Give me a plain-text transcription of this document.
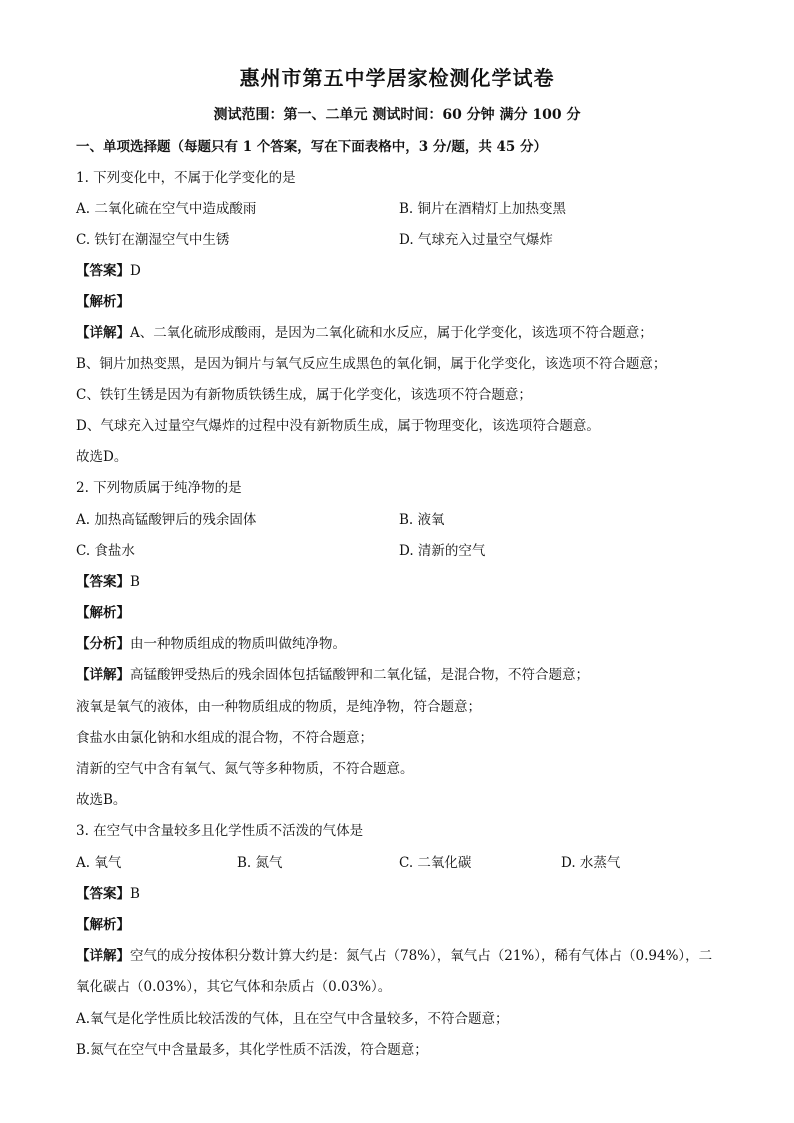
惠州市第五中学居家检测化学试卷
测试范围：第一、二单元 测试时间：60 分钟 满分 100 分
一、单项选择题（每题只有 1 个答案，写在下面表格中，3 分/题，共 45 分）
1. 下列变化中，不属于化学变化的是
A. 二氧化硫在空气中造成酸雨	B. 铜片在酒精灯上加热变黑
C. 铁钉在潮湿空气中生锈	D. 气球充入过量空气爆炸
【答案】D
【解析】
【详解】A、二氧化硫形成酸雨，是因为二氧化硫和水反应，属于化学变化，该选项不符合题意；
B、铜片加热变黑，是因为铜片与氧气反应生成黑色的氧化铜，属于化学变化，该选项不符合题意；
C、铁钉生锈是因为有新物质铁锈生成，属于化学变化，该选项不符合题意；
D、气球充入过量空气爆炸的过程中没有新物质生成，属于物理变化，该选项符合题意。
故选D。
2. 下列物质属于纯净物的是
A. 加热高锰酸钾后的残余固体	B. 液氧
C. 食盐水	D. 清新的空气
【答案】B
【解析】
【分析】由一种物质组成的物质叫做纯净物。
【详解】高锰酸钾受热后的残余固体包括锰酸钾和二氧化锰，是混合物，不符合题意；
液氧是氧气的液体，由一种物质组成的物质，是纯净物，符合题意；
食盐水由氯化钠和水组成的混合物，不符合题意；
清新的空气中含有氧气、氮气等多种物质，不符合题意。
故选B。
3. 在空气中含量较多且化学性质不活泼的气体是
A. 氧气	B. 氮气	C. 二氧化碳	D. 水蒸气
【答案】B
【解析】
【详解】空气的成分按体积分数计算大约是：氮气占（78%），氧气占（21%），稀有气体占（0.94%），二
氧化碳占（0.03%），其它气体和杂质占（0.03%）。
A.氧气是化学性质比较活泼的气体，且在空气中含量较多，不符合题意；
B.氮气在空气中含量最多，其化学性质不活泼，符合题意；
